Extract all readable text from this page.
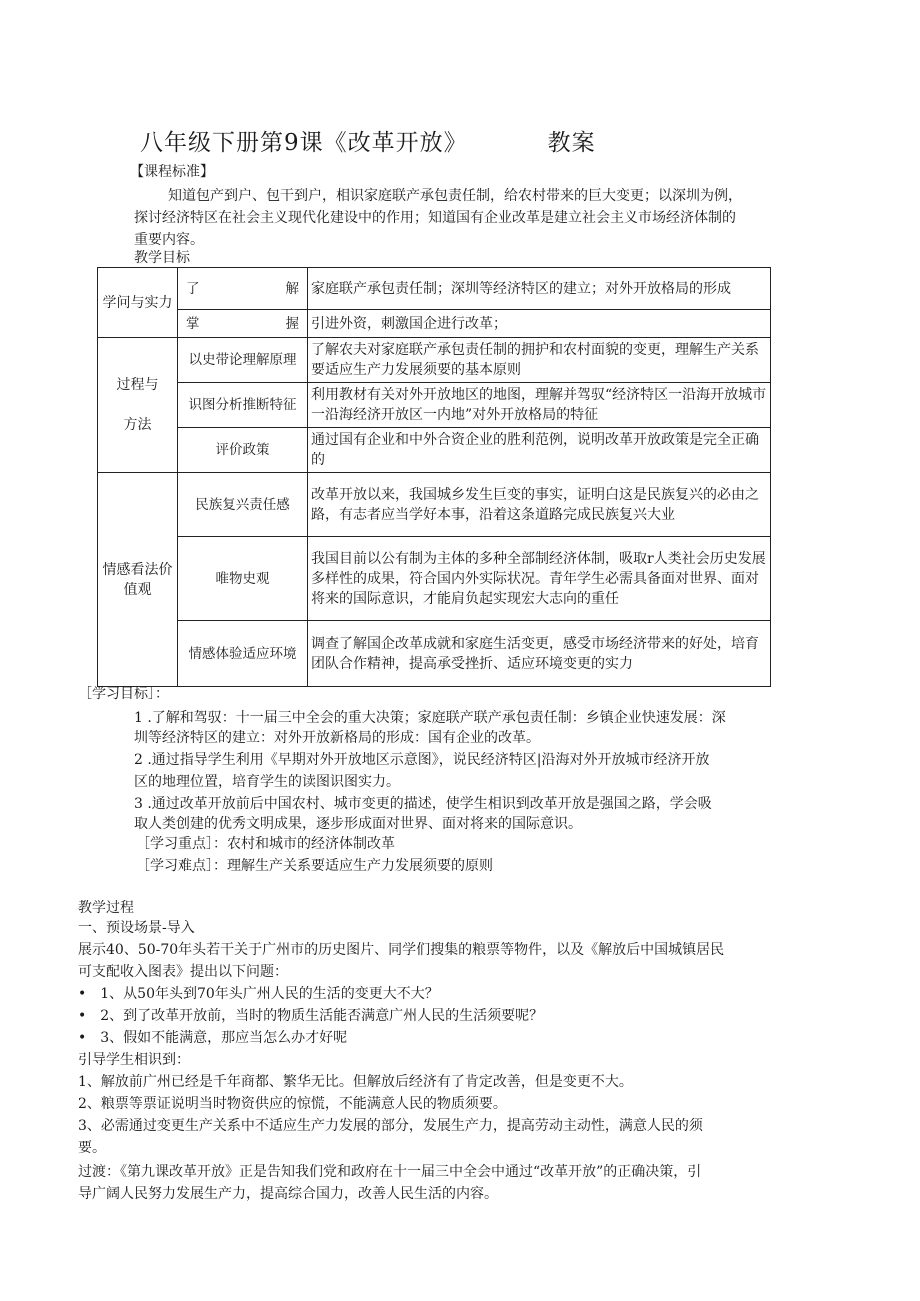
八年级下册第9课《改革开放》	教案
【课程标准】
知道包产到户、包干到户，相识家庭联产承包责任制，给农村带来的巨大变更；以深圳为例，
探讨经济特区在社会主义现代化建设中的作用；知道国有企业改革是建立社会主义市场经济体制的
重要内容。
教学目标
学问与实力	了 解	家庭联产承包责任制；深圳等经济特区的建立；对外开放格局的形成
	掌 握	引进外资，刺激国企进行改革；
过程与

方法	以史带论理解原理	了解农夫对家庭联产承包责任制的拥护和农村面貌的变更，理解生产关系要适应生产力发展须要的基本原则
	识图分析推断特征	利用教材有关对外开放地区的地图，理解并驾驭“经济特区一沿海开放城市一沿海经济开放区一内地”对外开放格局的特征
	评价政策	通过国有企业和中外合资企业的胜利范例，说明改革开放政策是完全正确的
情感看法价
值观	民族复兴责任感	改革开放以来，我国城乡发生巨变的事实，证明白这是民族复兴的必由之路，有志者应当学好本事，沿着这条道路完成民族复兴大业
	唯物史观	我国目前以公有制为主体的多种全部制经济体制，吸取r人类社会历史发展多样性的成果，符合国内外实际状况。青年学生必需具备面对世界、面对将来的国际意识，才能肩负起实现宏大志向的重任
	情感体验适应环境	调查了解国企改革成就和家庭生活变更，感受市场经济带来的好处，培育团队合作精神，提高承受挫折、适应环境变更的实力
［学习目标］：
1 .了解和驾驭：十一届三中全会的重大决策；家庭联产联产承包责任制：乡镇企业快速发展：深
圳等经济特区的建立：对外开放新格局的形成：国有企业的改革。
2 .通过指导学生利用《早期对外开放地区示意图》，说民经济特区|沿海对外开放城市经济开放
区的地理位置，培育学生的读图识图实力。
3 .通过改革开放前后中国农村、城市变更的描述，使学生相识到改革开放是强国之路，学会吸
取人类创建的优秀文明成果，逐步形成面对世界、面对将来的国际意识。
［学习重点］：农村和城市的经济体制改革
［学习难点］：理解生产关系要适应生产力发展须要的原则
教学过程
一、预设场景-导入
展示40、50-70年头若干关于广州市的历史图片、同学们搜集的粮票等物件，以及《解放后中国城镇居民
可支配收入图表》提出以下问题：
•　1、从50年头到70年头广州人民的生活的变更大不大？
•　2、到了改革开放前，当时的物质生活能否满意广州人民的生活须要呢？
•　3、假如不能满意，那应当怎么办才好呢
引导学生相识到：
1、解放前广州已经是千年商都、繁华无比。但解放后经济有了肯定改善，但是变更不大。
2、粮票等票证说明当时物资供应的惊慌，不能满意人民的物质须要。
3、必需通过变更生产关系中不适应生产力发展的部分，发展生产力，提高劳动主动性，满意人民的须
要。
过渡：《第九课改革开放》正是告知我们党和政府在十一届三中全会中通过“改革开放”的正确决策，引
导广阔人民努力发展生产力，提高综合国力，改善人民生活的内容。
